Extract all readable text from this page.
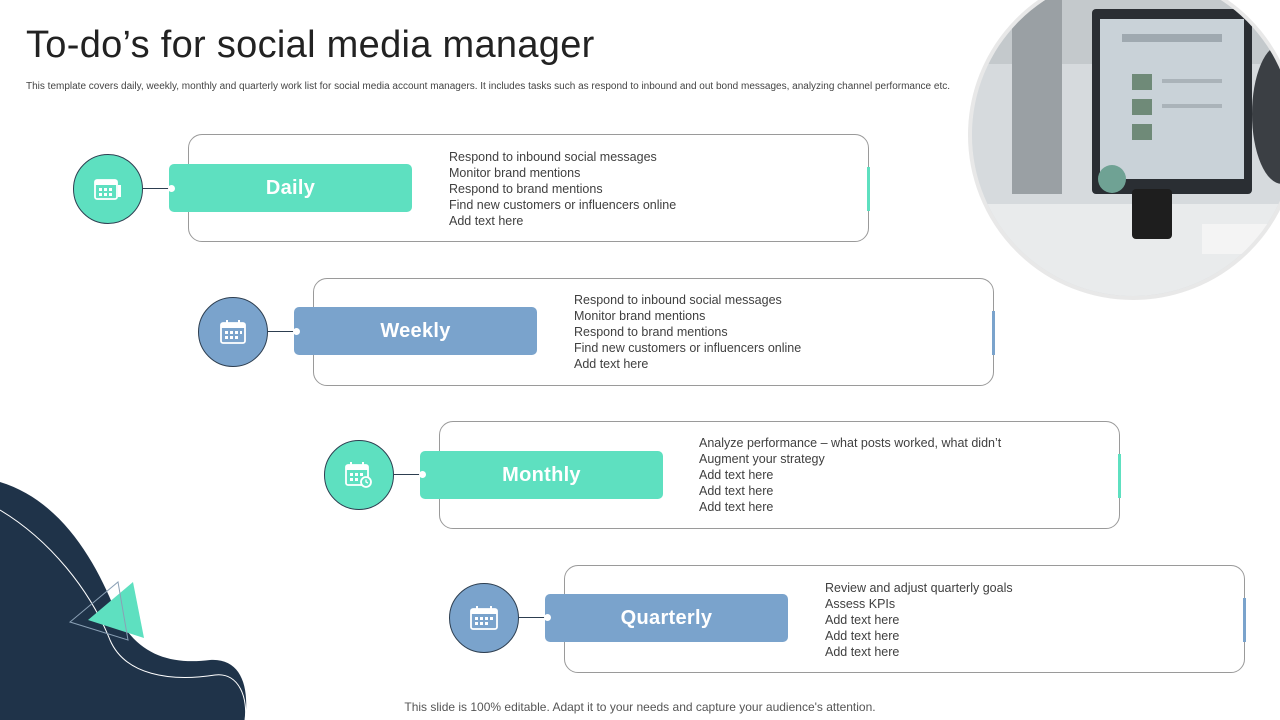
To-do’s for social media manager

This template covers daily, weekly, monthly and quarterly work list for social media account managers. It includes tasks such as respond to inbound and out bond messages, analyzing channel performance etc.

Daily
Respond to inbound social messages
Monitor brand mentions
Respond to brand mentions
Find new customers or influencers online
Add text here
Weekly
Respond to inbound social messages
Monitor brand mentions
Respond to brand mentions
Find new customers or influencers online
Add text here
Monthly
Analyze performance – what posts worked, what didn’t
Augment your strategy
Add text here
Add text here
Add text here
Quarterly
Review and adjust quarterly goals
Assess KPIs
Add text here
Add text here
Add text here

This slide is 100% editable. Adapt it to your needs and capture your audience's attention.
